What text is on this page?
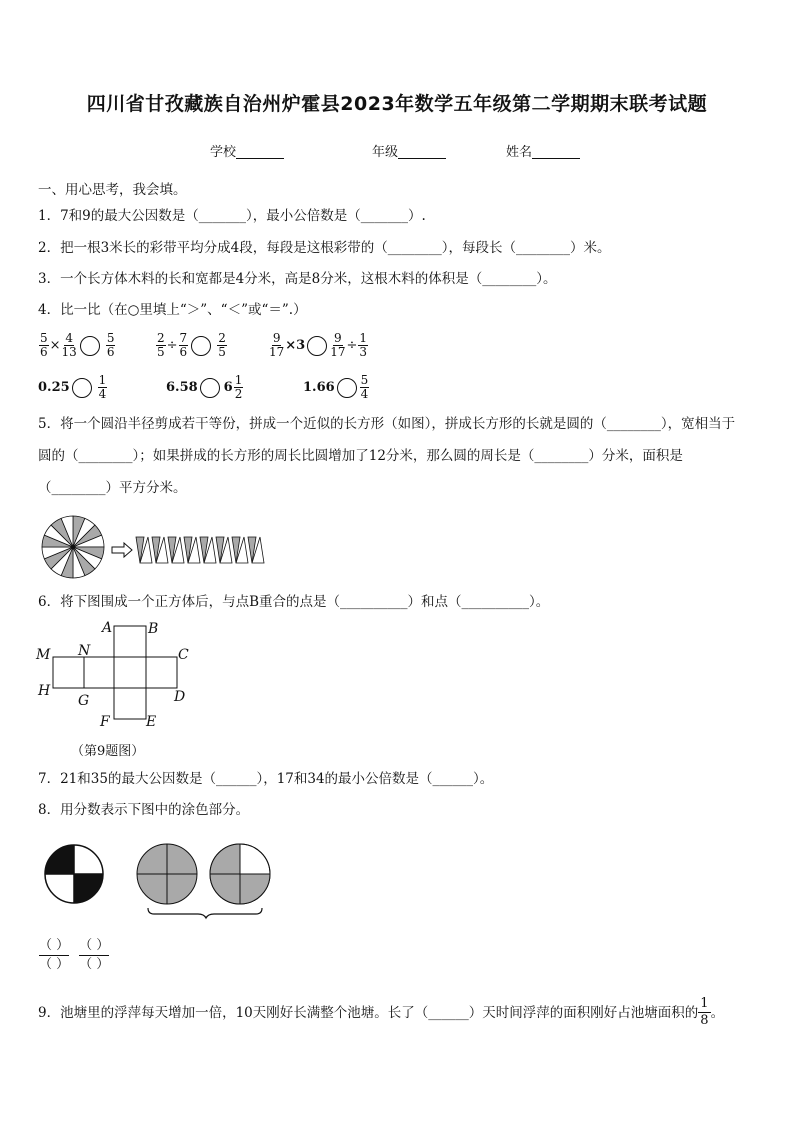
四川省甘孜藏族自治州炉霍县2023年数学五年级第二学期期末联考试题
学校	年级	姓名
一、用心思考，我会填。
1．7和9的最大公因数是（_______），最小公倍数是（_______）.
2．把一根3米长的彩带平均分成4段，每段是这根彩带的（________），每段长（________）米。
3．一个长方体木料的长和宽都是4分米，高是8分米，这根木料的体积是（________）。
4．比一比（在○里填上“＞”、“＜”或“＝”.）
$\frac{5}{6} \times \frac{4}{13} \frac{5}{6}$	$\frac{2}{5} \div \frac{7}{6} \frac{2}{5}$	$\frac{9}{17} \times 3 \frac{9}{17} \div \frac{1}{3}$
$0.25 \frac{1}{4}$	6.58 $6 \frac{1}{2}$	$1.66 \frac{5}{4}$
5．将一个圆沿半径剪成若干等份，拼成一个近似的长方形（如图），拼成长方形的长就是圆的（________），宽相当于
圆的（________）；如果拼成的长方形的周长比圆增加了12分米，那么圆的周长是（________）分米，面积是
（________）平方分米。
6．将下图围成一个正方体后，与点B重合的点是（__________）和点（__________）。
A	B
C
D
E
F
G
H
M N
（第9题图）
7．21和35的最大公因数是（______），17和34的最小公倍数是（______）。
8．用分数表示下图中的涂色部分。
（ ）
（ ）
（ ）
（ ）
9．池塘里的浮萍每天增加一倍，10天刚好长满整个池塘。长了（______）天时间浮萍的面积刚好占池塘面积的
1
8 。
